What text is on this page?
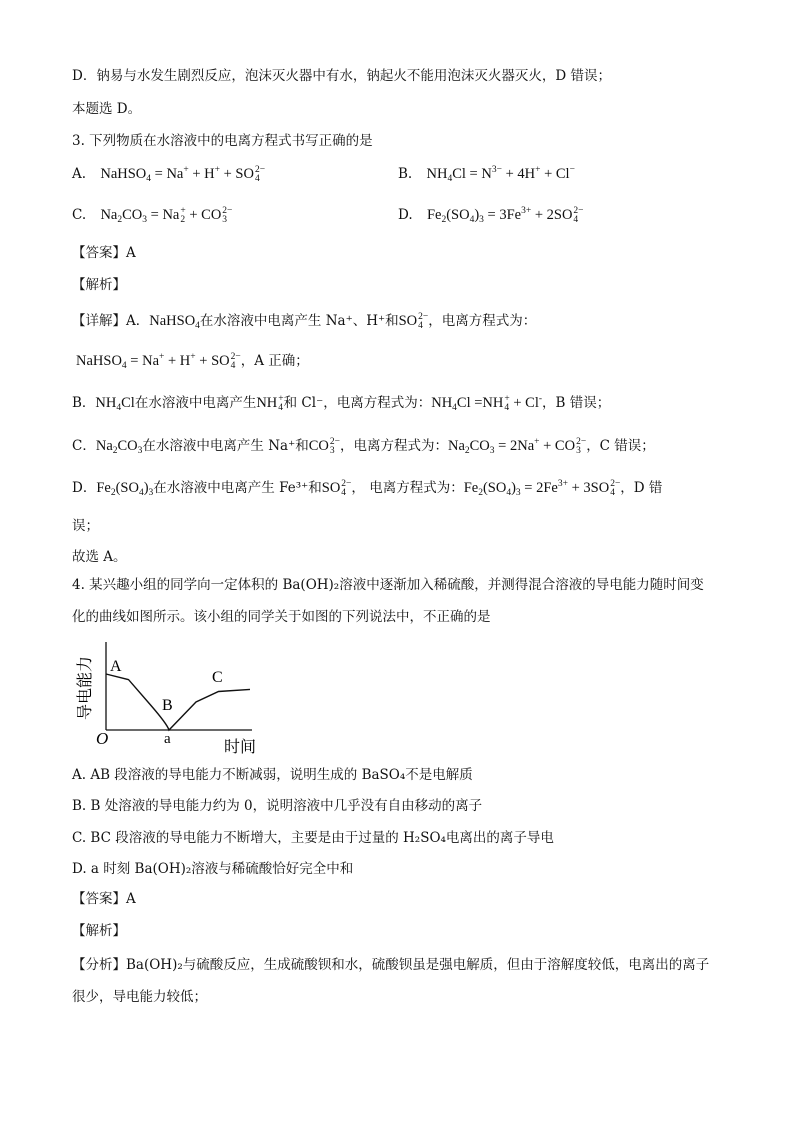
D．钠易与水发生剧烈反应，泡沫灭火器中有水，钠起火不能用泡沫灭火器灭火，D 错误；
本题选 D。
3. 下列物质在水溶液中的电离方程式书写正确的是
A. NaHSO$_4$ = Na+ + H+ + SO 2−
4	B. $NH_4Cl = N^{3-} + 4H^+ + Cl^-$
C. $Na_2CO_3 = Na$ +
2 + CO 2−
3	D. $Fe_2(SO_4)_3 = 3Fe^{3+} + 2SO$ 2−
4
【答案】A
【解析】
【详解】A．NaHSO$_4$在水溶液中电离产生 Na⁺、H⁺和SO 2−
4 ，电离方程式为：
NaHSO$_4$ = Na+ + H+ + SO 2−
4 ，A 正确；
B．$NH_4Cl$在水溶液中电离产生NH +
4 和 Cl⁻，电离方程式为：$NH_4Cl =NH$ +
4 + Cl-，B 错误；
C．$Na_2CO_3$在水溶液中电离产生 Na⁺和CO 2−
3 ，电离方程式为：$Na_2CO_3 = 2Na^+$ + CO 2−
3 ，C 错误；
D．$Fe_2(SO_4)_3$在水溶液中电离产生 Fe³⁺和SO 2−
4 ， 电离方程式为：$Fe_2(SO_4)_3 = 2Fe^{3+} + 3SO$ 2−
4 ，D 错
误；
故选 A。
4. 某兴趣小组的同学向一定体积的 Ba(OH)₂溶液中逐渐加入稀硫酸，并测得混合溶液的导电能力随时间变
化的曲线如图所示。该小组的同学关于如图的下列说法中，不正确的是
导电能力
时间
O
A
B
C
a
A. AB 段溶液的导电能力不断减弱，说明生成的 BaSO₄不是电解质
B. B 处溶液的导电能力约为 0，说明溶液中几乎没有自由移动的离子
C. BC 段溶液的导电能力不断增大，主要是由于过量的 H₂SO₄电离出的离子导电
D. a 时刻 Ba(OH)₂溶液与稀硫酸恰好完全中和
【答案】A
【解析】
【分析】Ba(OH)₂与硫酸反应，生成硫酸钡和水，硫酸钡虽是强电解质，但由于溶解度较低，电离出的离子
很少，导电能力较低；
